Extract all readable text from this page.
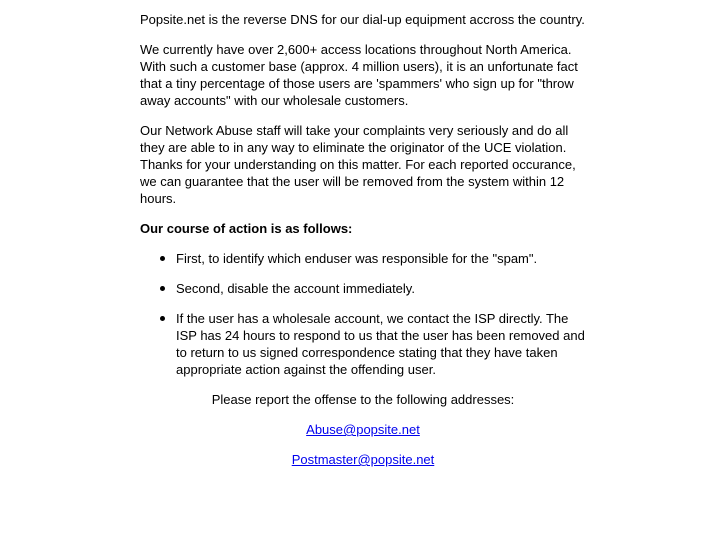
Popsite.net is the reverse DNS for our dial-up equipment accross the country.

We currently have over 2,600+ access locations throughout North America. With such a customer base (approx. 4 million users), it is an unfortunate fact that a tiny percentage of those users are 'spammers' who sign up for "throw away accounts" with our wholesale customers.

Our Network Abuse staff will take your complaints very seriously and do all they are able to in any way to eliminate the originator of the UCE violation. Thanks for your understanding on this matter. For each reported occurance, we can guarantee that the user will be removed from the system within 12 hours.

Our course of action is as follows:
First, to identify which enduser was responsible for the "spam".
Second, disable the account immediately.
If the user has a wholesale account, we contact the ISP directly. The ISP has 24 hours to respond to us that the user has been removed and to return to us signed correspondence stating that they have taken appropriate action against the offending user.

Please report the offense to the following addresses:

Abuse@popsite.net

Postmaster@popsite.net
